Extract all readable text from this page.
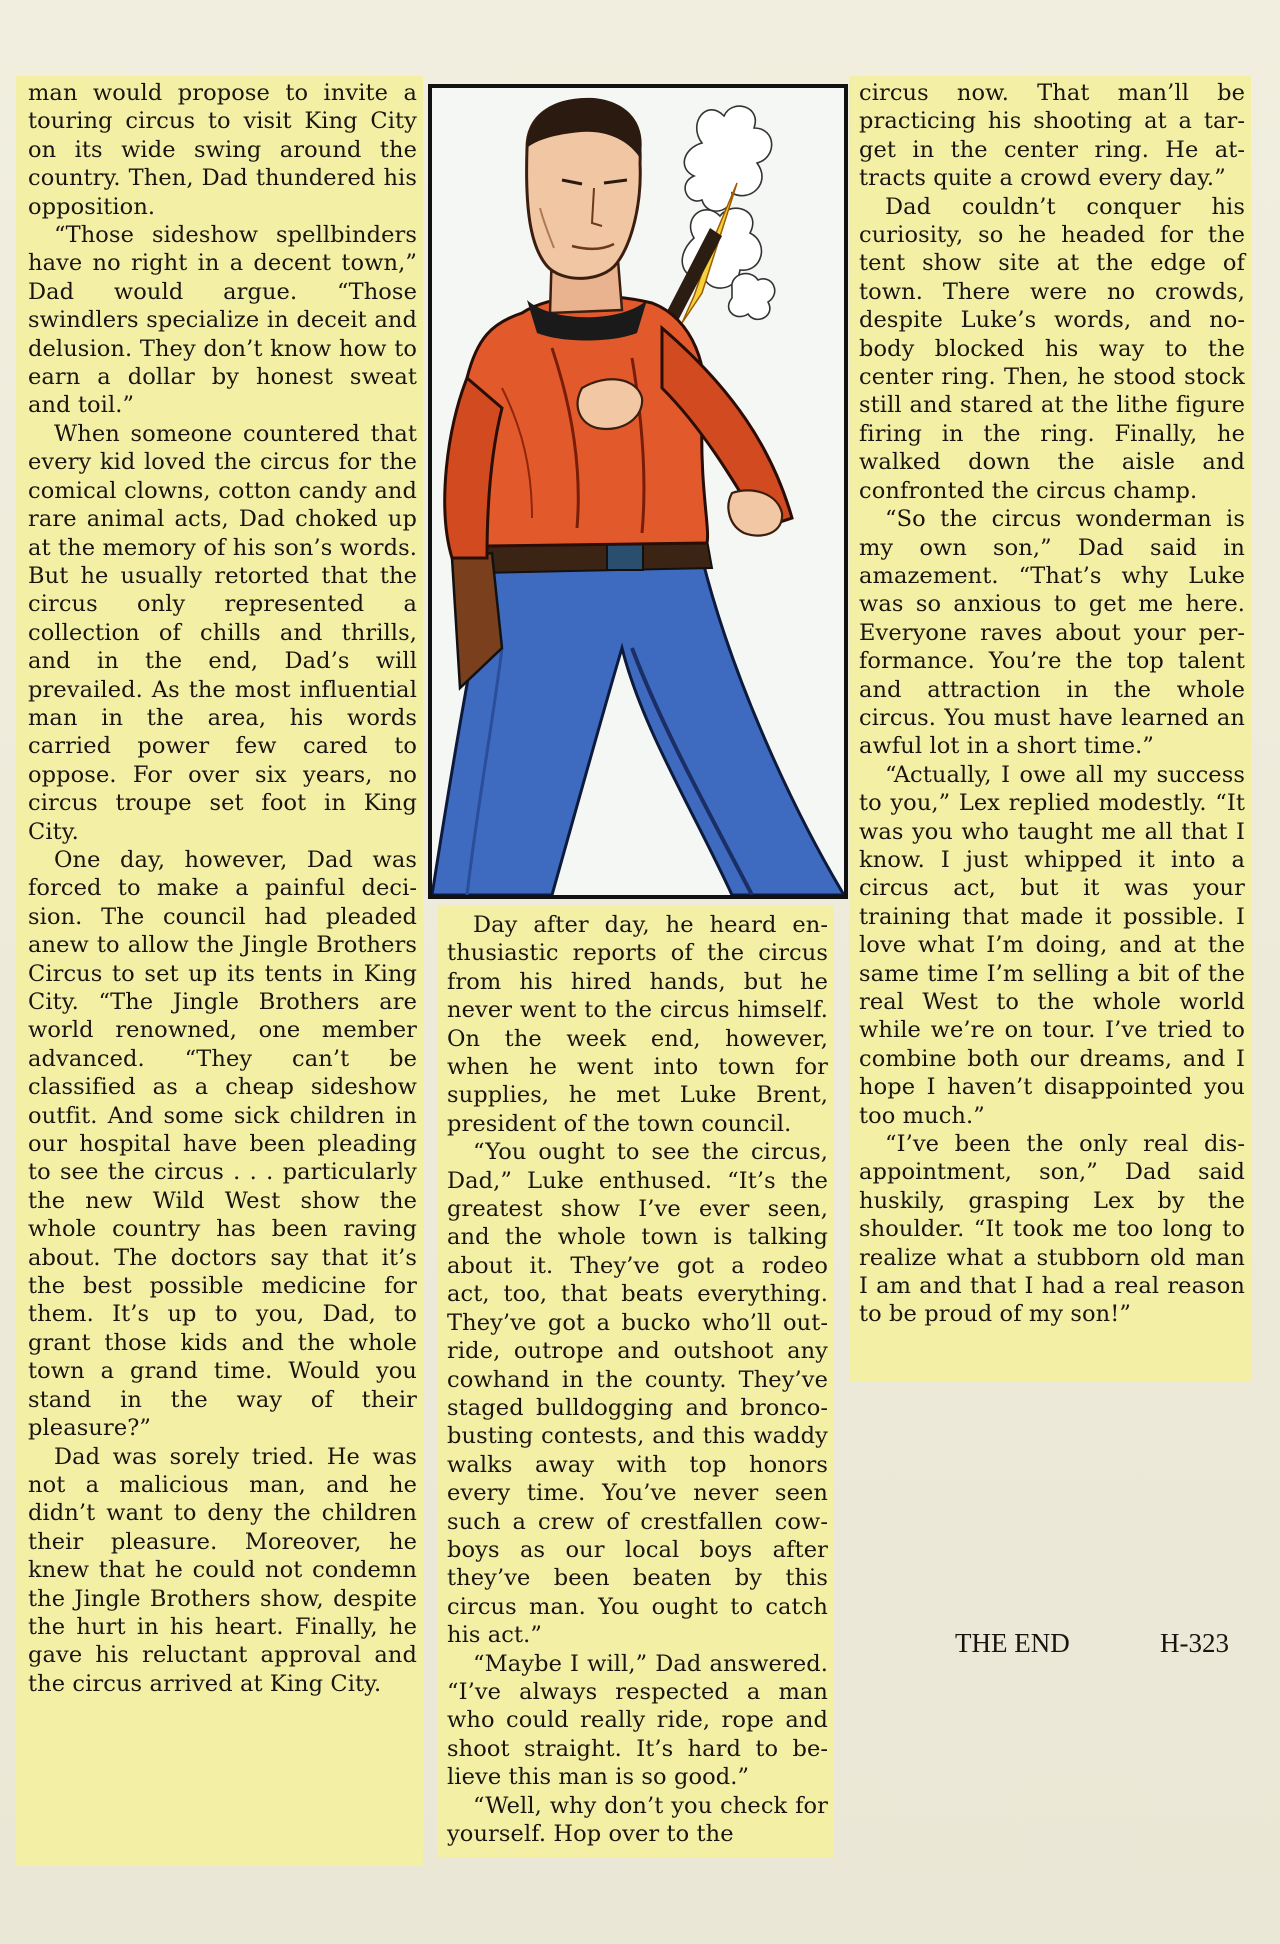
man would propose to invite a touring circus to visit King City on its wide swing around the country. Then, Dad thundered his opposition.

“Those sideshow spellbinders have no right in a decent town,” Dad would argue. “Those swindlers specialize in deceit and delusion. They don’t know how to earn a dollar by honest sweat and toil.”

When someone countered that every kid loved the circus for the comical clowns, cotton candy and rare animal acts, Dad choked up at the memory of his son’s words. But he usually retorted that the circus only represented a collection of chills and thrills, and in the end, Dad’s will prevailed. As the most influential man in the area, his words carried power few cared to oppose. For over six years, no circus troupe set foot in King City.

One day, however, Dad was forced to make a painful decision. The council had pleaded anew to allow the Jingle Brothers Circus to set up its tents in King City. “The Jingle Brothers are world renowned, one member advanced. “They can’t be classified as a cheap sideshow outfit. And some sick children in our hospital have been pleading to see the circus . . . particularly the new Wild West show the whole country has been raving about. The doctors say that it’s the best possible medicine for them. It’s up to you, Dad, to grant those kids and the whole town a grand time. Would you stand in the way of their pleasure?”

Dad was sorely tried. He was not a malicious man, and he didn’t want to deny the children their pleasure. Moreover, he knew that he could not condemn the Jingle Brothers show, despite the hurt in his heart. Finally, he gave his reluctant approval and the circus arrived at King City.

Day after day, he heard enthusiastic reports of the circus from his hired hands, but he never went to the circus himself. On the week end, however, when he went into town for supplies, he met Luke Brent, president of the town council.

“You ought to see the circus, Dad,” Luke enthused. “It’s the greatest show I’ve ever seen, and the whole town is talking about it. They’ve got a rodeo act, too, that beats everything. They’ve got a bucko who’ll outride, outrope and outshoot any cowhand in the county. They’ve staged bulldogging and broncobusting contests, and this waddy walks away with top honors every time. You’ve never seen such a crew of crestfallen cowboys as our local boys after they’ve been beaten by this circus man. You ought to catch his act.”

“Maybe I will,” Dad answered. “I’ve always respected a man who could really ride, rope and shoot straight. It’s hard to believe this man is so good.”

“Well, why don’t you check for yourself. Hop over to the

circus now. That man’ll be practicing his shooting at a target in the center ring. He attracts quite a crowd every day.”

Dad couldn’t conquer his curiosity, so he headed for the tent show site at the edge of town. There were no crowds, despite Luke’s words, and nobody blocked his way to the center ring. Then, he stood stock still and stared at the lithe figure firing in the ring. Finally, he walked down the aisle and confronted the circus champ.

“So the circus wonderman is my own son,” Dad said in amazement. “That’s why Luke was so anxious to get me here. Everyone raves about your performance. You’re the top talent and attraction in the whole circus. You must have learned an awful lot in a short time.”

“Actually, I owe all my success to you,” Lex replied modestly. “It was you who taught me all that I know. I just whipped it into a circus act, but it was your training that made it possible. I love what I’m doing, and at the same time I’m selling a bit of the real West to the whole world while we’re on tour. I’ve tried to combine both our dreams, and I hope I haven’t disappointed you too much.”

“I’ve been the only real disappointment, son,” Dad said huskily, grasping Lex by the shoulder. “It took me too long to realize what a stubborn old man I am and that I had a real reason to be proud of my son!”

THE END	H-323
